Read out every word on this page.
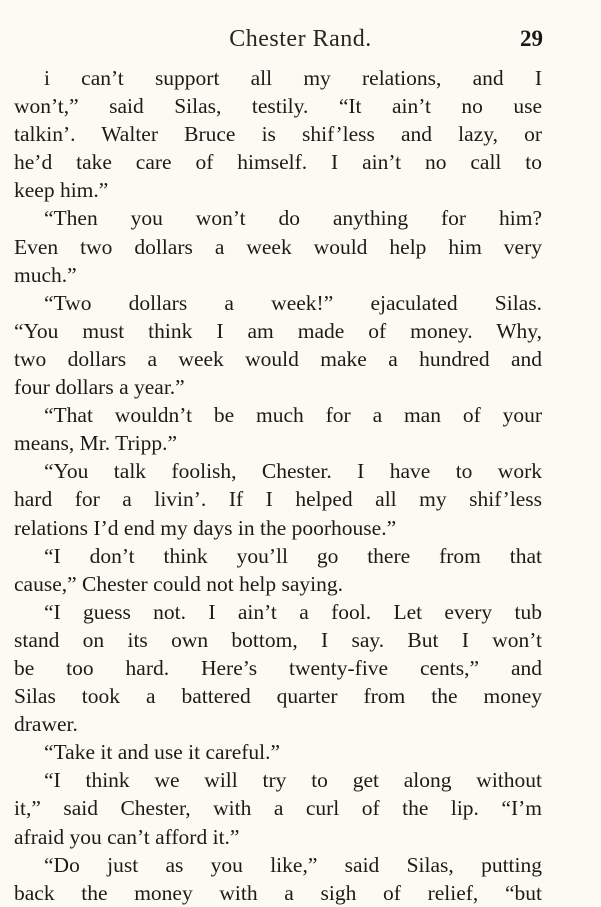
Chester Rand.	29
i can’t support all my relations, and I
won’t,” said Silas, testily. “It ain’t no use
talkin’. Walter Bruce is shif’less and lazy, or
he’d take care of himself. I ain’t no call to
keep him.”
“Then you won’t do anything for him?
Even two dollars a week would help him very
much.”
“Two dollars a week!” ejaculated Silas.
“You must think I am made of money. Why,
two dollars a week would make a hundred and
four dollars a year.”
“That wouldn’t be much for a man of your
means, Mr. Tripp.”
“You talk foolish, Chester. I have to work
hard for a livin’. If I helped all my shif’less
relations I’d end my days in the poorhouse.”
“I don’t think you’ll go there from that
cause,” Chester could not help saying.
“I guess not. I ain’t a fool. Let every tub
stand on its own bottom, I say. But I won’t
be too hard. Here’s twenty-five cents,” and
Silas took a battered quarter from the money
drawer.
“Take it and use it careful.”
“I think we will try to get along without
it,” said Chester, with a curl of the lip. “I’m
afraid you can’t afford it.”
“Do just as you like,” said Silas, putting
back the money with a sigh of relief, “but
